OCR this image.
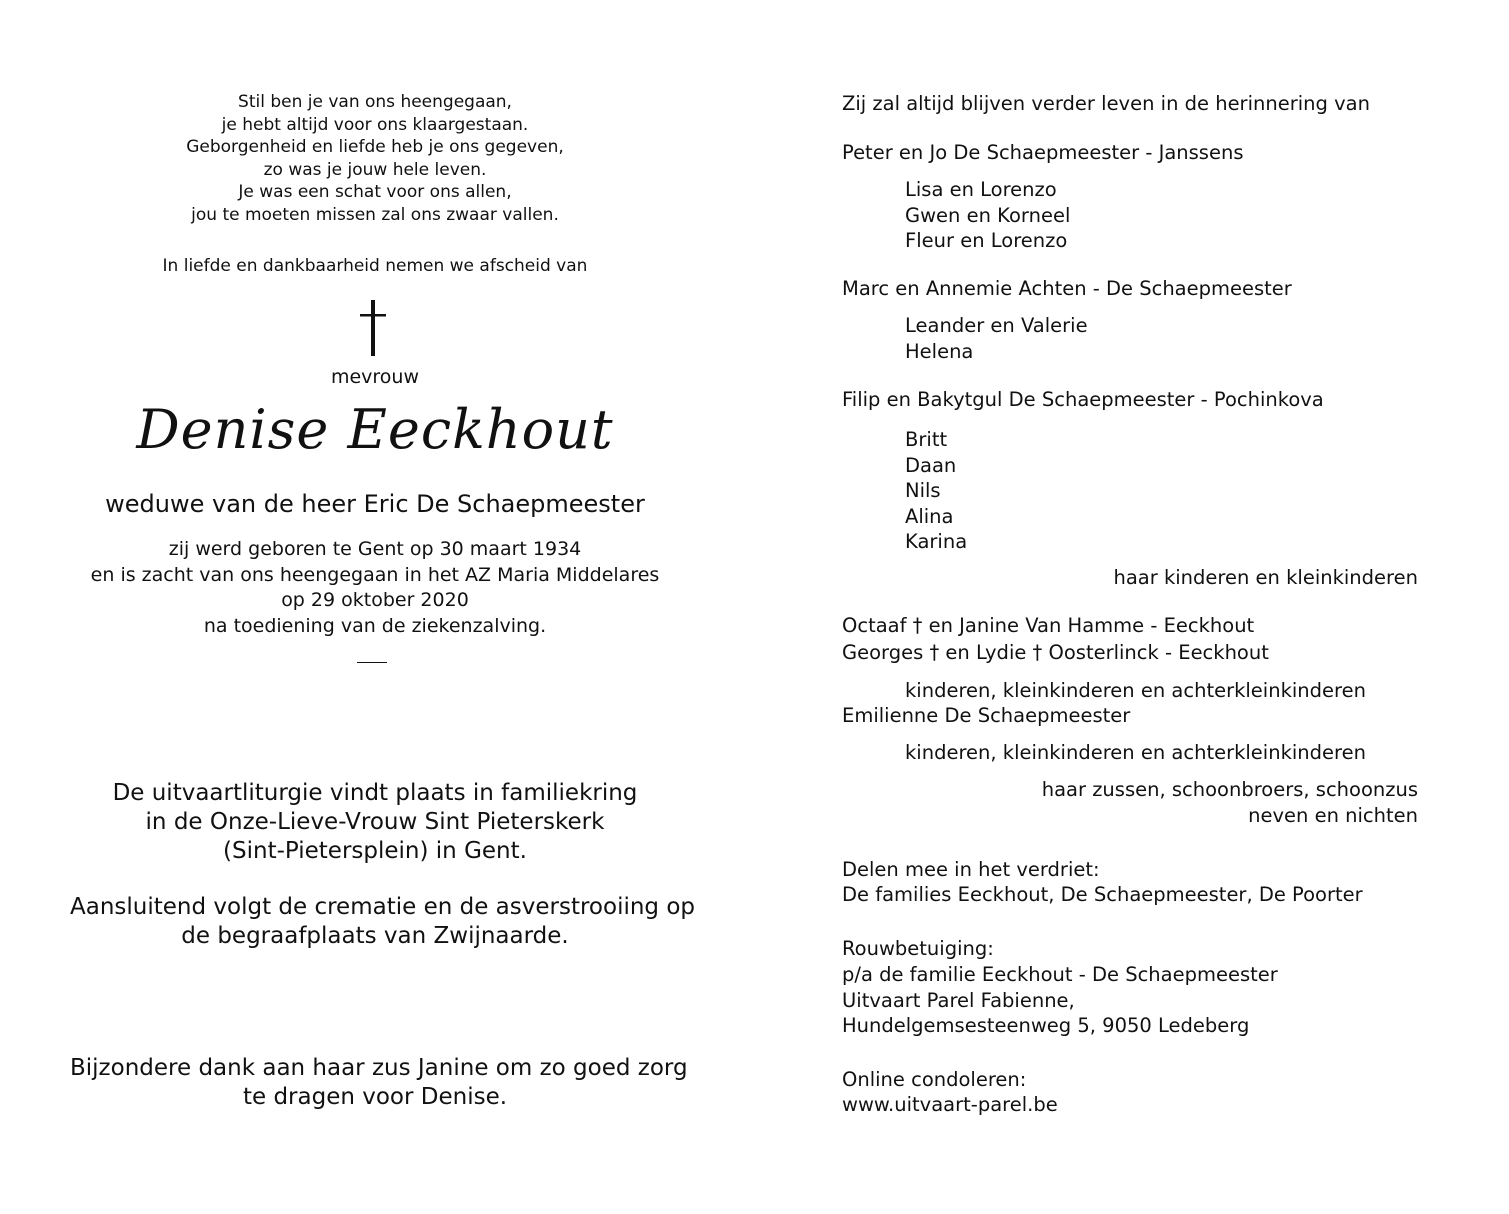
Stil ben je van ons heengegaan,
je hebt altijd voor ons klaargestaan.
Geborgenheid en liefde heb je ons gegeven,
zo was je jouw hele leven.
Je was een schat voor ons allen,
jou te moeten missen zal ons zwaar vallen.
In liefde en dankbaarheid nemen we afscheid van
mevrouw
Denise Eeckhout
weduwe van de heer Eric De Schaepmeester
zij werd geboren te Gent op 30 maart 1934
en is zacht van ons heengegaan in het AZ Maria Middelares
op 29 oktober 2020
na toediening van de ziekenzalving.
De uitvaartliturgie vindt plaats in familiekring
in de Onze-Lieve-Vrouw Sint Pieterskerk
(Sint-Pietersplein) in Gent.
Aansluitend volgt de crematie en de asverstrooiing op
de begraafplaats van Zwijnaarde.
Bijzondere dank aan haar zus Janine om zo goed zorg
te dragen voor Denise.
Zij zal altijd blijven verder leven in de herinnering van
Peter en Jo De Schaepmeester - Janssens
Lisa en Lorenzo
Gwen en Korneel
Fleur en Lorenzo
Marc en Annemie Achten - De Schaepmeester
Leander en Valerie
Helena
Filip en Bakytgul De Schaepmeester - Pochinkova
Britt
Daan
Nils
Alina
Karina
haar kinderen en kleinkinderen
Octaaf † en Janine Van Hamme - Eeckhout
Georges † en Lydie † Oosterlinck - Eeckhout
kinderen, kleinkinderen en achterkleinkinderen
Emilienne De Schaepmeester
kinderen, kleinkinderen en achterkleinkinderen
haar zussen, schoonbroers, schoonzus
neven en nichten
Delen mee in het verdriet:
De families Eeckhout, De Schaepmeester, De Poorter
Rouwbetuiging:
p/a de familie Eeckhout - De Schaepmeester
Uitvaart Parel Fabienne,
Hundelgemsesteenweg 5, 9050 Ledeberg
Online condoleren:
www.uitvaart-parel.be
